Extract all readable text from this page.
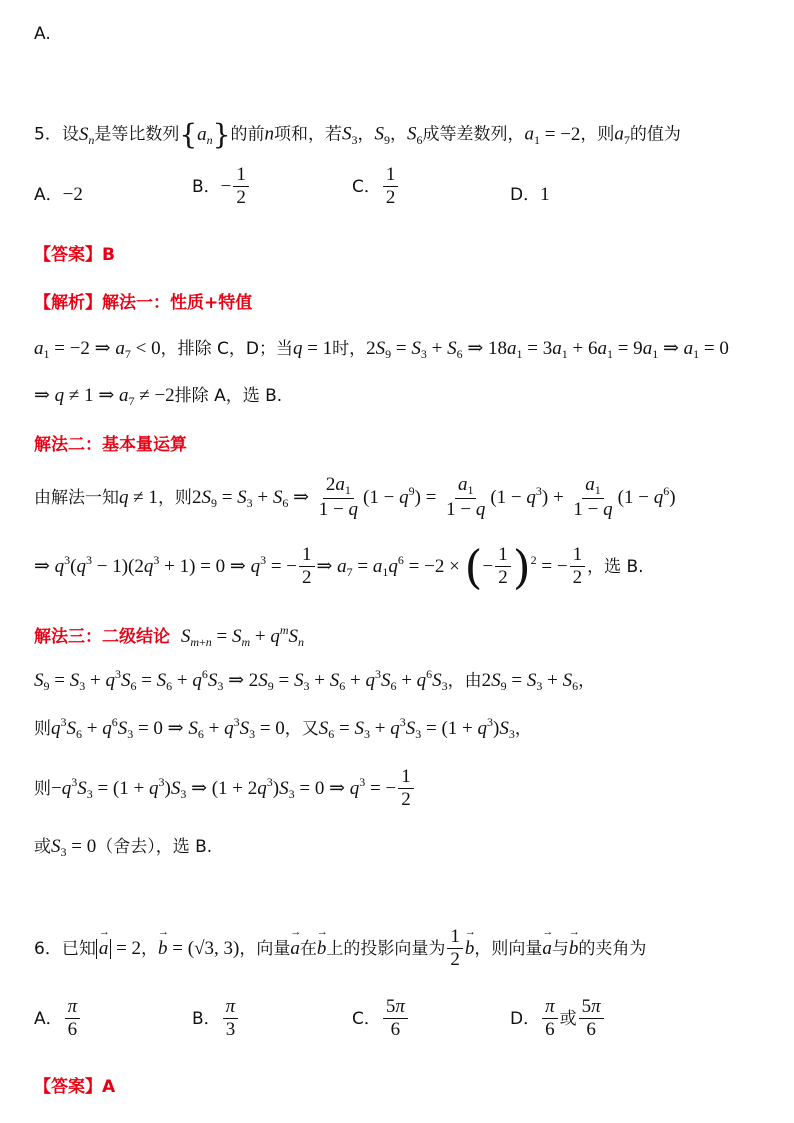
A.
5．设$S_n$是等比数列$\{a_n\}$的前n项和，若$S_3$，$S_9$，$S_6$成等差数列，$a_1 = -2$，则$a_7$的值为
A．−2	B．− $\frac{1}{2}$	C． $\frac{1}{2}$	D．1
【答案】B
【解析】解法一：性质+特值
$a_1 = -2$ ⇒ $a_7 < 0$，排除 C，D；当q = 1时，$2S_9 = S_3 + S_6$ ⇒ $18a_1 = 3a_1 + 6a_1 = 9a_1$ ⇒ $a_1 = 0$
⇒ q ≠ 1 ⇒ $a_7 \ne -2$排除 A，选 B.
解法二：基本量运算
由解法一知q ≠ 1，则$2S_9 = S_3 + S_6$ ⇒ $\frac{2a_1}{1 - q} (1 - q^9) = \frac{a_1}{1 - q} (1 - q^3) + \frac{a_1}{1 - q} (1 - q^6)$
⇒ $q^3(q^3 - 1)(2q^3 + 1) = 0$ ⇒ $q^3$ = − $\frac{1}{2}$ ⇒ $a_7 = a_1q^6 = -2$ × (− $\frac{1}{2} )^2$ = − $\frac{1}{2}$ ，选 B.
解法三：二级结论 $S_{m+n} = S_m + q^mS_n$
$S_9 = S_3 + q^3S_6 = S_6 + q^6S_3$ ⇒ $2S_9 = S_3 + S_6 + q^3S_6 + q^6S_3$，由$2S_9 = S_3 + S_6$，
则$q^3S_6 + q^6S_3 = 0$ ⇒ $S_6 + q^3S_3 = 0$，又$S_6 = S_3 + q^3S_3 = (1 + q^3)S_3$，
则$-q^3S_3 = (1 + q^3)S_3$ ⇒ $(1 + 2q^3)S_3 = 0$ ⇒ $q^3$ = − $\frac{1}{2}$
或$S_3 = 0$（舍去），选 B.
6．已知→ a = 2，→ b = (√3, 3)，向量→ a在→ b上的投影向量为 $\frac{1}{2}$
→ b，则向量→ a与→ b的夹角为
A． $\frac{\pi}{6}$	B． $\frac{\pi}{3}$	C． $\frac{5\pi}{6}$	D． $\frac{\pi}{6}$ 或 $\frac{5\pi}{6}$
【答案】A
